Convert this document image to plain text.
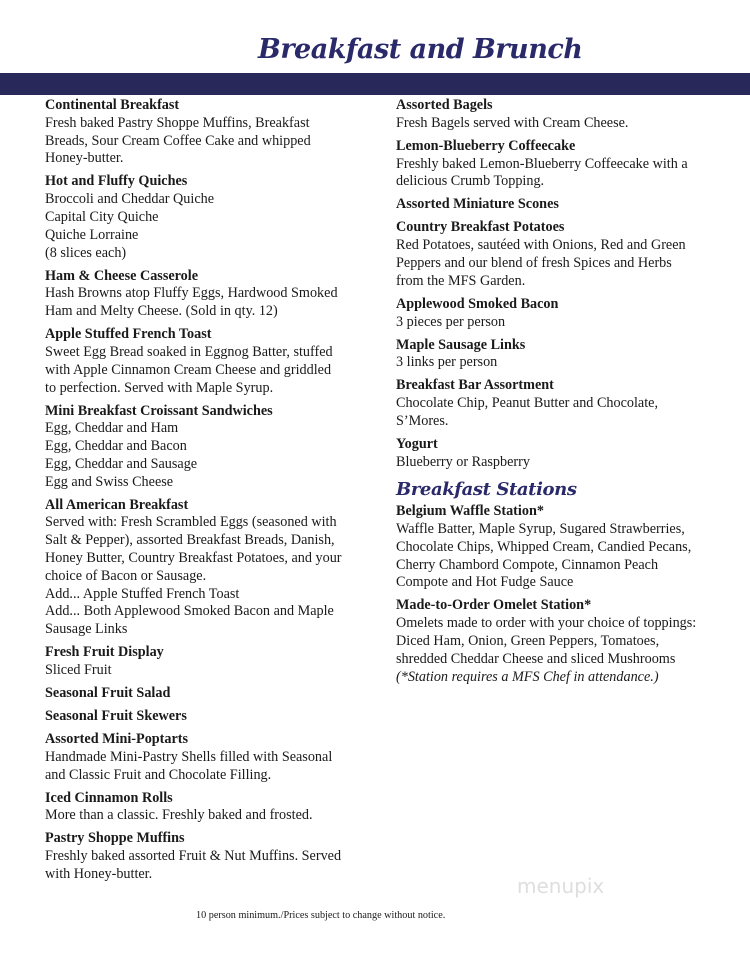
Breakfast and Brunch
Continental Breakfast
Fresh baked Pastry Shoppe Muffins, Breakfast
Breads, Sour Cream Coffee Cake and whipped
Honey-butter.
Hot and Fluffy Quiches
Broccoli and Cheddar Quiche
Capital City Quiche
Quiche Lorraine
(8 slices each)
Ham & Cheese Casserole
Hash Browns atop Fluffy Eggs, Hardwood Smoked
Ham and Melty Cheese. (Sold in qty. 12)
Apple Stuffed French Toast
Sweet Egg Bread soaked in Eggnog Batter, stuffed
with Apple Cinnamon Cream Cheese and griddled
to perfection. Served with Maple Syrup.
Mini Breakfast Croissant Sandwiches
Egg, Cheddar and Ham
Egg, Cheddar and Bacon
Egg, Cheddar and Sausage
Egg and Swiss Cheese
All American Breakfast
Served with: Fresh Scrambled Eggs (seasoned with
Salt & Pepper), assorted Breakfast Breads, Danish,
Honey Butter, Country Breakfast Potatoes, and your
choice of Bacon or Sausage.
Add... Apple Stuffed French Toast
Add... Both Applewood Smoked Bacon and Maple
Sausage Links
Fresh Fruit Display
Sliced Fruit
Seasonal Fruit Salad
Seasonal Fruit Skewers
Assorted Mini-Poptarts
Handmade Mini-Pastry Shells filled with Seasonal
and Classic Fruit and Chocolate Filling.
Iced Cinnamon Rolls
More than a classic. Freshly baked and frosted.
Pastry Shoppe Muffins
Freshly baked assorted Fruit & Nut Muffins. Served
with Honey-butter.
Assorted Bagels
Fresh Bagels served with Cream Cheese.
Lemon-Blueberry Coffeecake
Freshly baked Lemon-Blueberry Coffeecake with a
delicious Crumb Topping.
Assorted Miniature Scones
Country Breakfast Potatoes
Red Potatoes, sautéed with Onions, Red and Green
Peppers and our blend of fresh Spices and Herbs
from the MFS Garden.
Applewood Smoked Bacon
3 pieces per person
Maple Sausage Links
3 links per person
Breakfast Bar Assortment
Chocolate Chip, Peanut Butter and Chocolate,
S’Mores.
Yogurt
Blueberry or Raspberry
Breakfast Stations
Belgium Waffle Station*
Waffle Batter, Maple Syrup, Sugared Strawberries,
Chocolate Chips, Whipped Cream, Candied Pecans,
Cherry Chambord Compote, Cinnamon Peach
Compote and Hot Fudge Sauce
Made-to-Order Omelet Station*
Omelets made to order with your choice of toppings:
Diced Ham, Onion, Green Peppers, Tomatoes,
shredded Cheddar Cheese and sliced Mushrooms
(*Station requires a MFS Chef in attendance.)
10 person minimum./Prices subject to change without notice.
menupix
